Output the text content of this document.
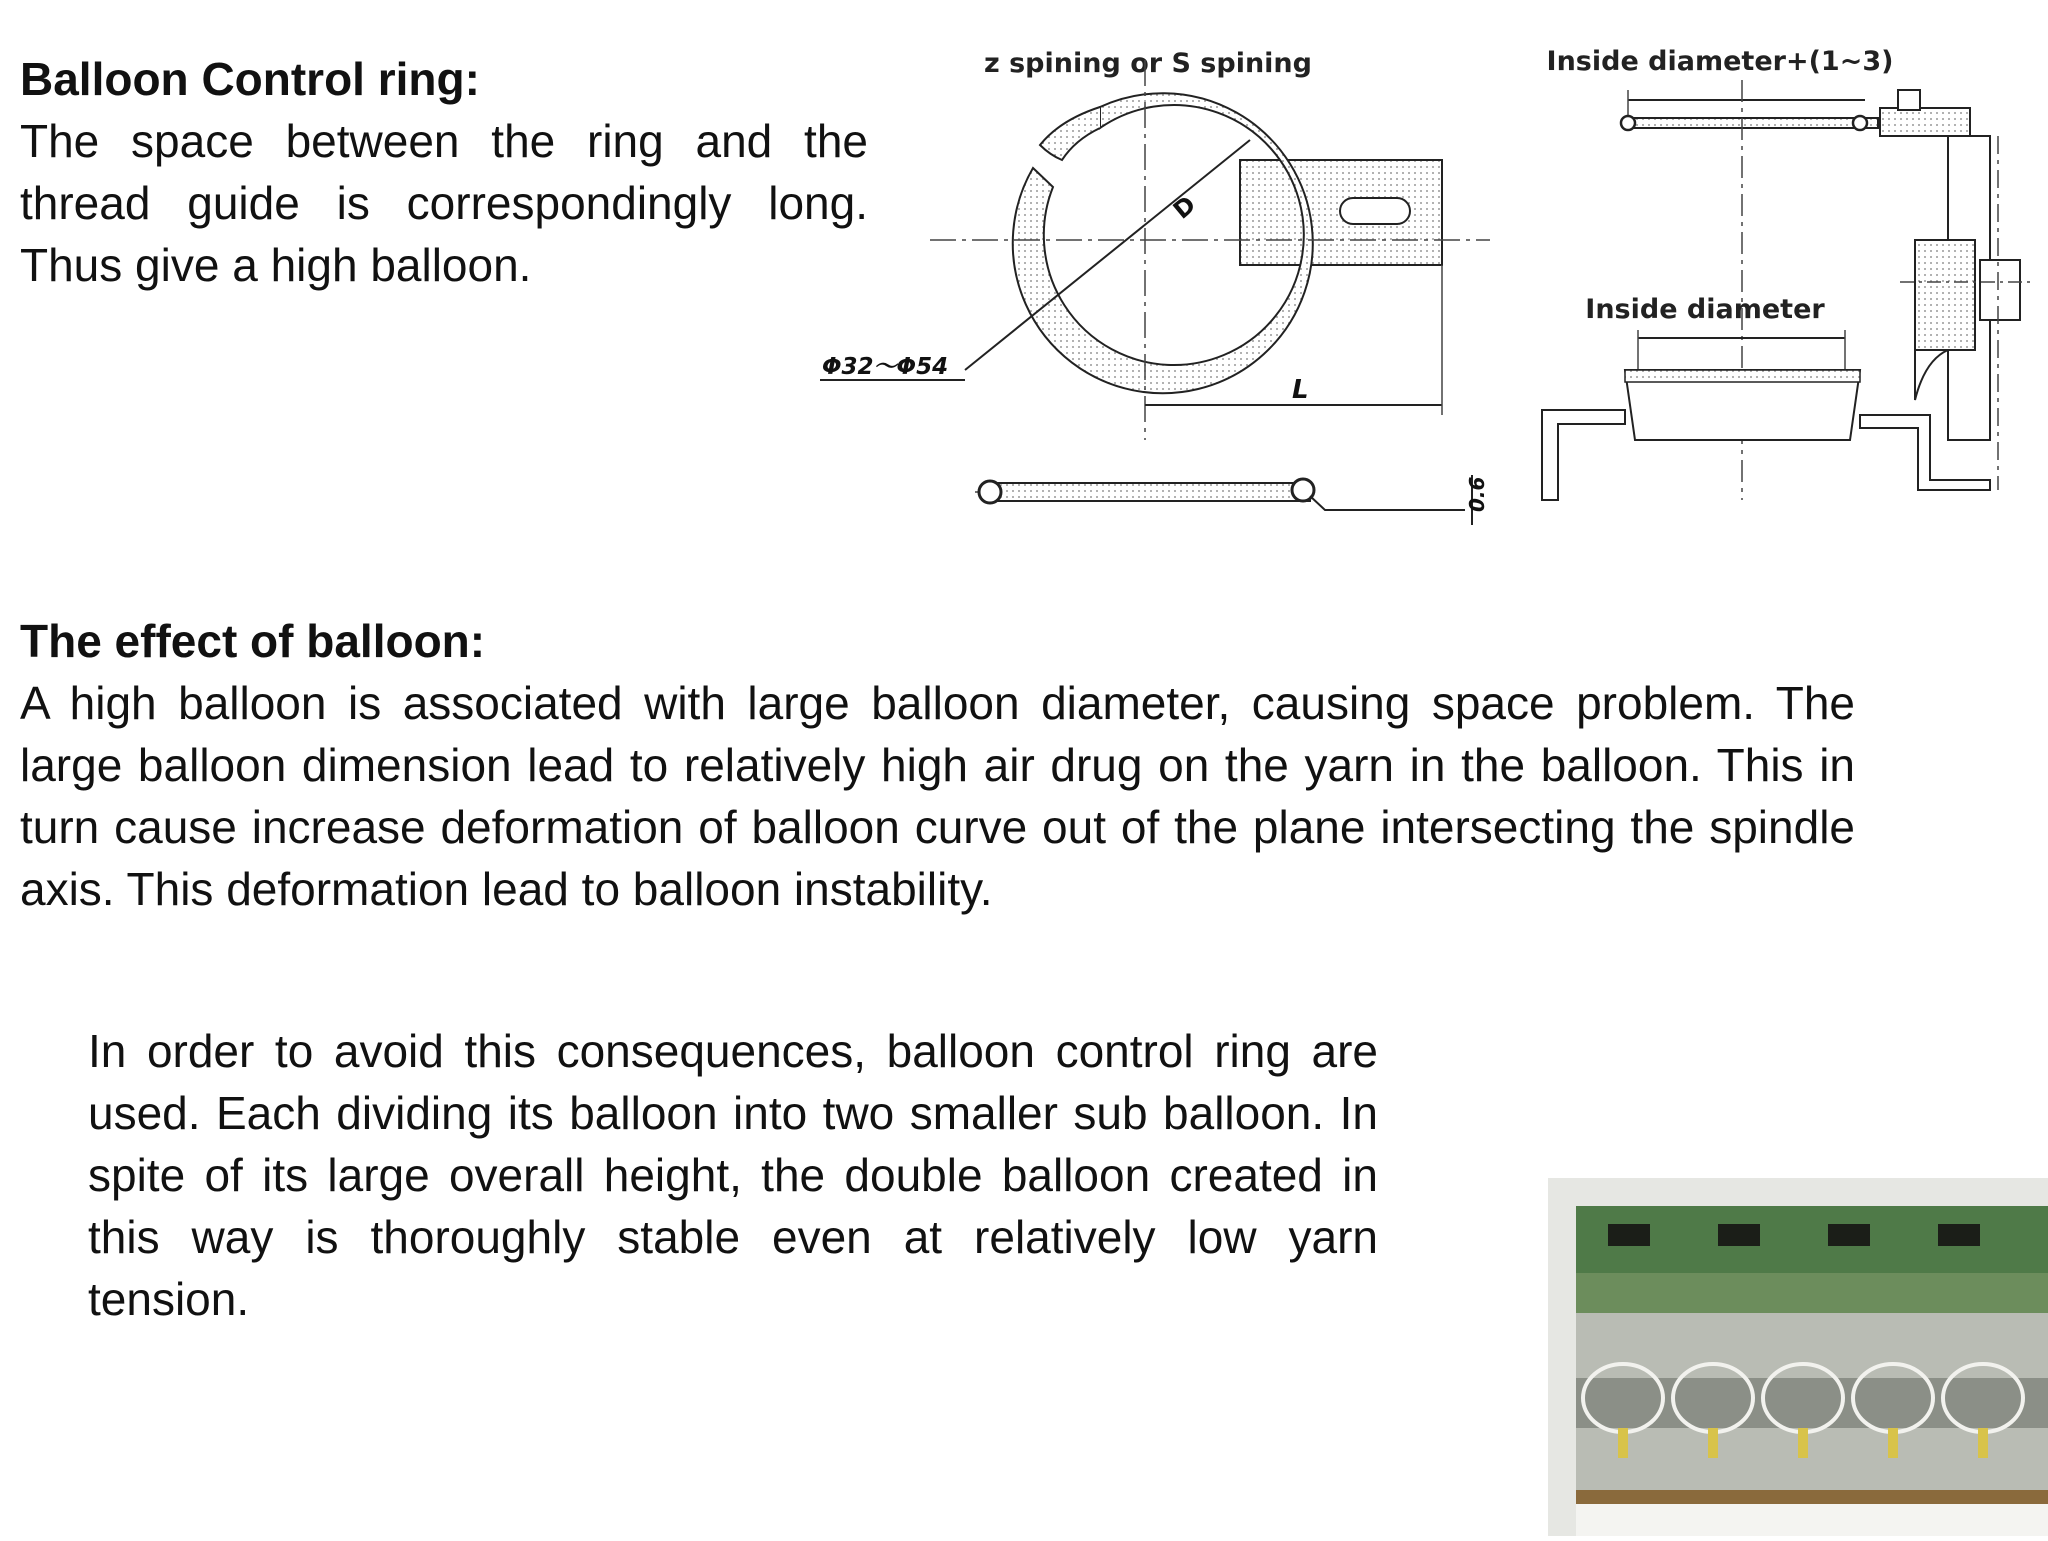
Balloon Control ring:

The space between the ring and the thread guide is correspondingly long. Thus give a high balloon.

The effect of balloon:

A high balloon is associated with large balloon diameter, causing space problem. The large balloon dimension lead to relatively high air drug on the yarn in the balloon. This in turn cause increase deformation of balloon curve out of the plane intersecting the spindle axis. This deformation lead to balloon instability.

In order to avoid this consequences, balloon control ring are used. Each dividing its balloon into two smaller sub balloon. In spite of its large overall height, the double balloon created in this way is thoroughly stable even at relatively low yarn tension.

z spining or S spining
D
Φ32～Φ54
L
0.6
Inside diameter+(1~3)
Inside diameter
